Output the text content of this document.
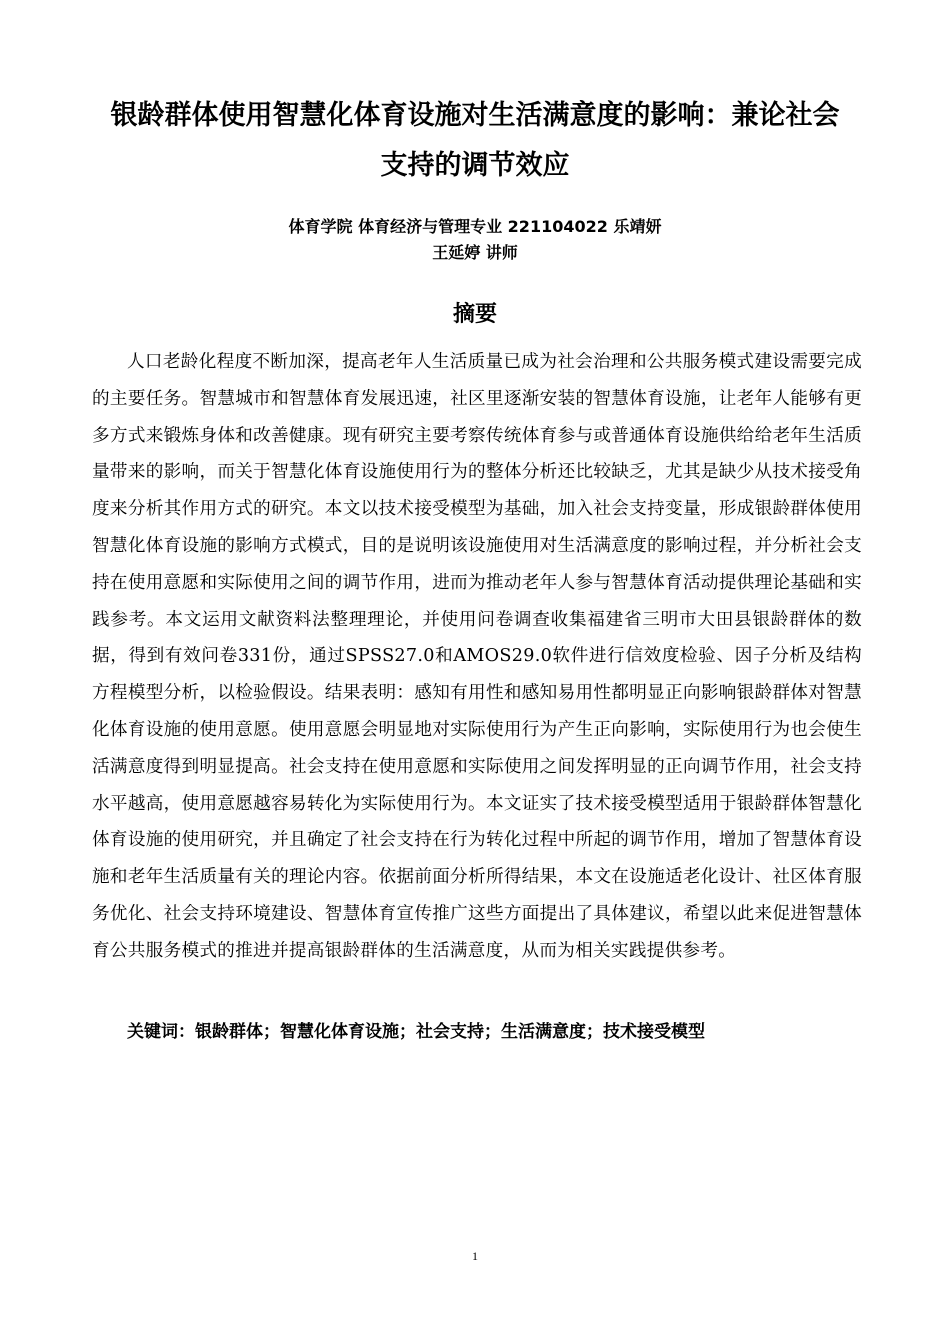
银龄群体使用智慧化体育设施对生活满意度的影响：兼论社会
支持的调节效应
体育学院 体育经济与管理专业 221104022 乐靖妍
王延婷 讲师
摘要

人口老龄化程度不断加深，提高老年人生活质量已成为社会治理和公共服务模式建设需要完成的主要任务。智慧城市和智慧体育发展迅速，社区里逐渐安装的智慧体育设施，让老年人能够有更多方式来锻炼身体和改善健康。现有研究主要考察传统体育参与或普通体育设施供给给老年生活质量带来的影响，而关于智慧化体育设施使用行为的整体分析还比较缺乏，尤其是缺少从技术接受角度来分析其作用方式的研究。本文以技术接受模型为基础，加入社会支持变量，形成银龄群体使用智慧化体育设施的影响方式模式，目的是说明该设施使用对生活满意度的影响过程，并分析社会支持在使用意愿和实际使用之间的调节作用，进而为推动老年人参与智慧体育活动提供理论基础和实践参考。本文运用文献资料法整理理论，并使用问卷调查收集福建省三明市大田县银龄群体的数据，得到有效问卷331份，通过SPSS27.0和AMOS29.0软件进行信效度检验、因子分析及结构方程模型分析，以检验假设。结果表明：感知有用性和感知易用性都明显正向影响银龄群体对智慧化体育设施的使用意愿。使用意愿会明显地对实际使用行为产生正向影响，实际使用行为也会使生活满意度得到明显提高。社会支持在使用意愿和实际使用之间发挥明显的正向调节作用，社会支持水平越高，使用意愿越容易转化为实际使用行为。本文证实了技术接受模型适用于银龄群体智慧化体育设施的使用研究，并且确定了社会支持在行为转化过程中所起的调节作用，增加了智慧体育设施和老年生活质量有关的理论内容。依据前面分析所得结果，本文在设施适老化设计、社区体育服务优化、社会支持环境建设、智慧体育宣传推广这些方面提出了具体建议，希望以此来促进智慧体育公共服务模式的推进并提高银龄群体的生活满意度，从而为相关实践提供参考。

关键词：银龄群体；智慧化体育设施；社会支持；生活满意度；技术接受模型

1
